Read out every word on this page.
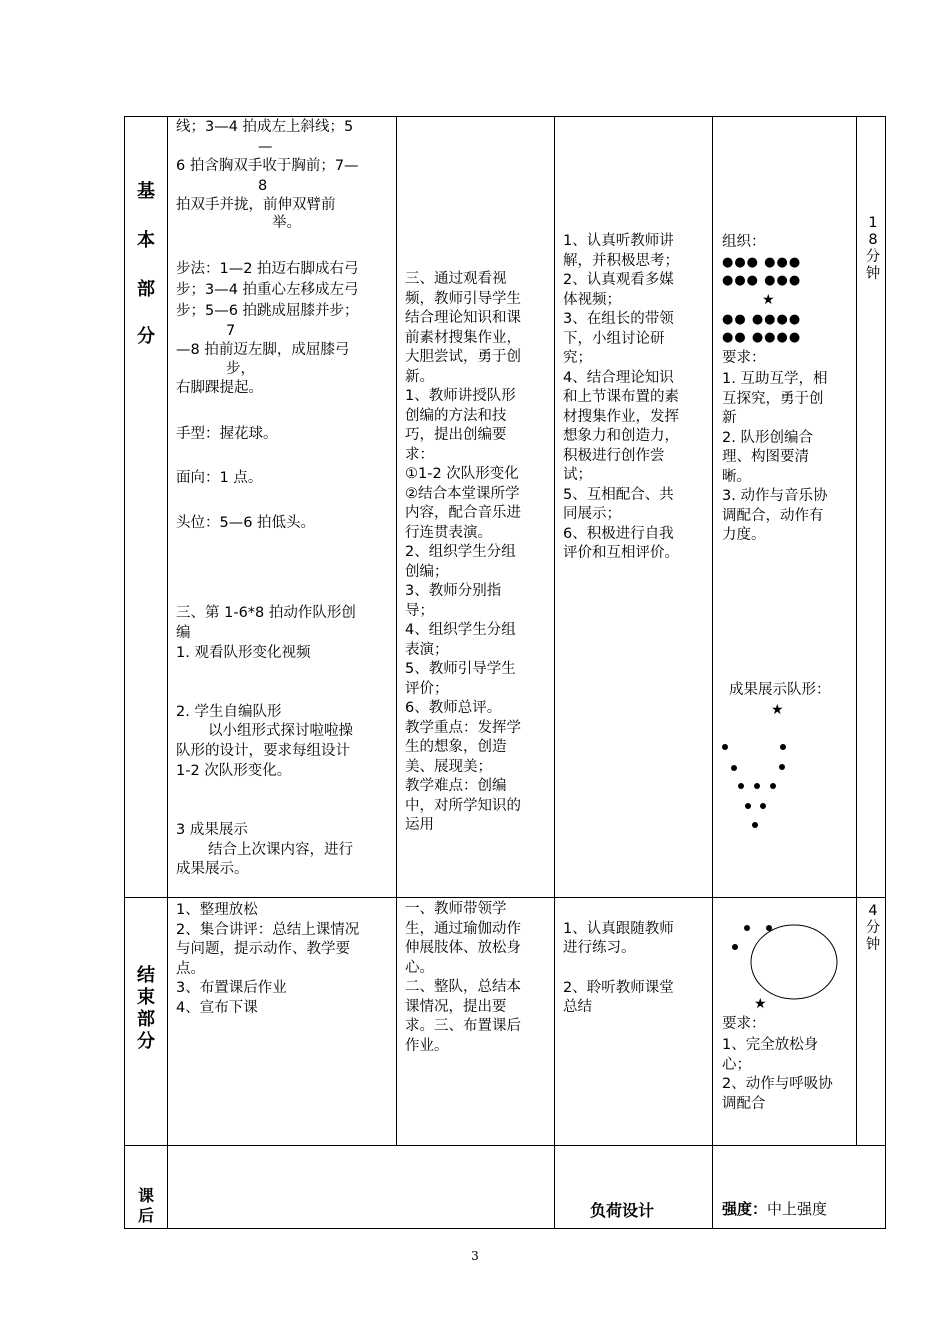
基
本
部
分
结
束
部
分
课
后
线；3—4 拍成左上斜线；5
—
6 拍含胸双手收于胸前；7—
8
拍双手并拢，前伸双臂前
举。
步法：1—2 拍迈右脚成右弓
步；3—4 拍重心左移成左弓
步；5—6 拍跳成屈膝并步；
7
—8 拍前迈左脚，成屈膝弓
步，
右脚踝提起。
手型：握花球。
面向：1 点。
头位：5—6 拍低头。
三、第 1-6*8 拍动作队形创
编
1. 观看队形变化视频
2. 学生自编队形
以小组形式探讨啦啦操
队形的设计，要求每组设计
1-2 次队形变化。
3 成果展示
结合上次课内容，进行
成果展示。
三、通过观看视
频，教师引导学生
结合理论知识和课
前素材搜集作业，
大胆尝试，勇于创
新。
1、教师讲授队形
创编的方法和技
巧，提出创编要
求：
①1-2 次队形变化
②结合本堂课所学
内容，配合音乐进
行连贯表演。
2、组织学生分组
创编；
3、教师分别指
导；
4、组织学生分组
表演；
5、教师引导学生
评价；
6、教师总评。
教学重点：发挥学
生的想象，创造
美、展现美；
教学难点：创编
中，对所学知识的
运用
1、认真听教师讲
解，并积极思考；
2、认真观看多媒
体视频；
3、在组长的带领
下，小组讨论研
究；
4、结合理论知识
和上节课布置的素
材搜集作业，发挥
想象力和创造力，
积极进行创作尝
试；
5、互相配合、共
同展示；
6、积极进行自我
评价和互相评价。
组织：
●●● ●●●
●●● ●●●
★
●● ●●●●
●● ●●●●
要求：
1. 互助互学，相
互探究，勇于创
新
2. 队形创编合
理、构图要清
晰。
3. 动作与音乐协
调配合，动作有
力度。
成果展示队形：
★
1
8
分
钟
1、整理放松
2、集合讲评：总结上课情况
与问题，提示动作、教学要
点。
3、布置课后作业
4、宣布下课
一、教师带领学
生，通过瑜伽动作
伸展肢体、放松身
心。
二、整队，总结本
课情况，提出要
求。三、布置课后
作业。
1、认真跟随教师
进行练习。
2、聆听教师课堂
总结	★
要求：
1、完全放松身
心；
2、动作与呼吸协
调配合
4
分
钟
负荷设计	强度：中上强度
3
